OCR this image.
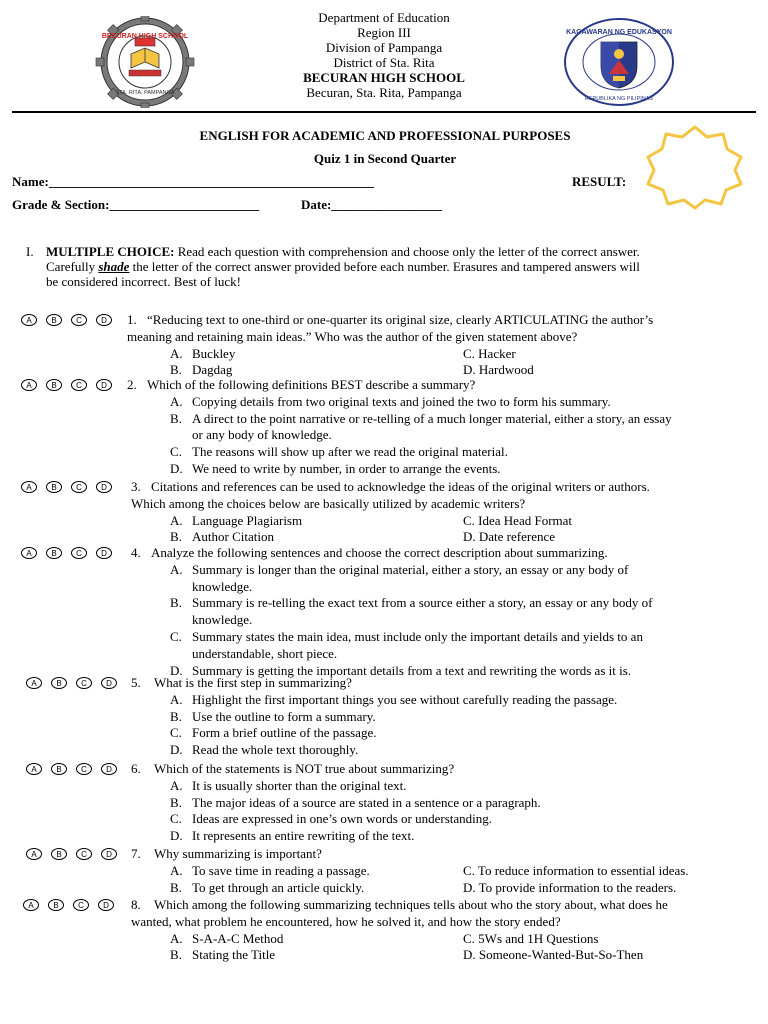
BECURAN HIGH SCHOOL
STA. RITA, PAMPANGA
Department of Education
Region III
Division of Pampanga
District of Sta. Rita
BECURAN HIGH SCHOOL
Becuran, Sta. Rita, Pampanga
KAGAWARAN NG EDUKASYON
REPUBLIKA NG PILIPINAS
ENGLISH FOR ACADEMIC AND PROFESSIONAL PURPOSES
Quiz 1 in Second Quarter
Name:__________________________________________________	RESULT:
Grade & Section:_______________________	Date:_________________
I. MULTIPLE CHOICE: Read each question with comprehension and choose only the letter of the correct answer.
Carefully shade the letter of the correct answer provided before each number. Erasures and tampered answers will
be considered incorrect. Best of luck!
A	B	C	D	1. “Reducing text to one-third or one-quarter its original size, clearly ARTICULATING the author’s
meaning and retaining main ideas.” Who was the author of the given statement above?
A. Buckley	C. Hacker
B. Dagdag	D. Hardwood
A	B	C	D	2. Which of the following definitions BEST describe a summary?
A. Copying details from two original texts and joined the two to form his summary.
B. A direct to the point narrative or re-telling of a much longer material, either a story, an essay
or any body of knowledge.
C. The reasons will show up after we read the original material.
D. We need to write by number, in order to arrange the events.
A	B	C	D	3. Citations and references can be used to acknowledge the ideas of the original writers or authors.
Which among the choices below are basically utilized by academic writers?
A. Language Plagiarism	C. Idea Head Format
B. Author Citation	D. Date reference
A	B	C	D	4. Analyze the following sentences and choose the correct description about summarizing.
A. Summary is longer than the original material, either a story, an essay or any body of
knowledge.
B. Summary is re-telling the exact text from a source either a story, an essay or any body of
knowledge.
C. Summary states the main idea, must include only the important details and yields to an
understandable, short piece.
D. Summary is getting the important details from a text and rewriting the words as it is.
A	B	C	D	5. What is the first step in summarizing?
A. Highlight the first important things you see without carefully reading the passage.
B. Use the outline to form a summary.
C. Form a brief outline of the passage.
D. Read the whole text thoroughly.
A	B	C	D	6. Which of the statements is NOT true about summarizing?
A. It is usually shorter than the original text.
B. The major ideas of a source are stated in a sentence or a paragraph.
C. Ideas are expressed in one’s own words or understanding.
D. It represents an entire rewriting of the text.
A	B	C	D	7. Why summarizing is important?
A. To save time in reading a passage.	C. To reduce information to essential ideas.
B. To get through an article quickly.	D. To provide information to the readers.
A	B	C	D	8. Which among the following summarizing techniques tells about who the story about, what does he
wanted, what problem he encountered, how he solved it, and how the story ended?
A. S-A-A-C Method	C. 5Ws and 1H Questions
B. Stating the Title	D. Someone-Wanted-But-So-Then
